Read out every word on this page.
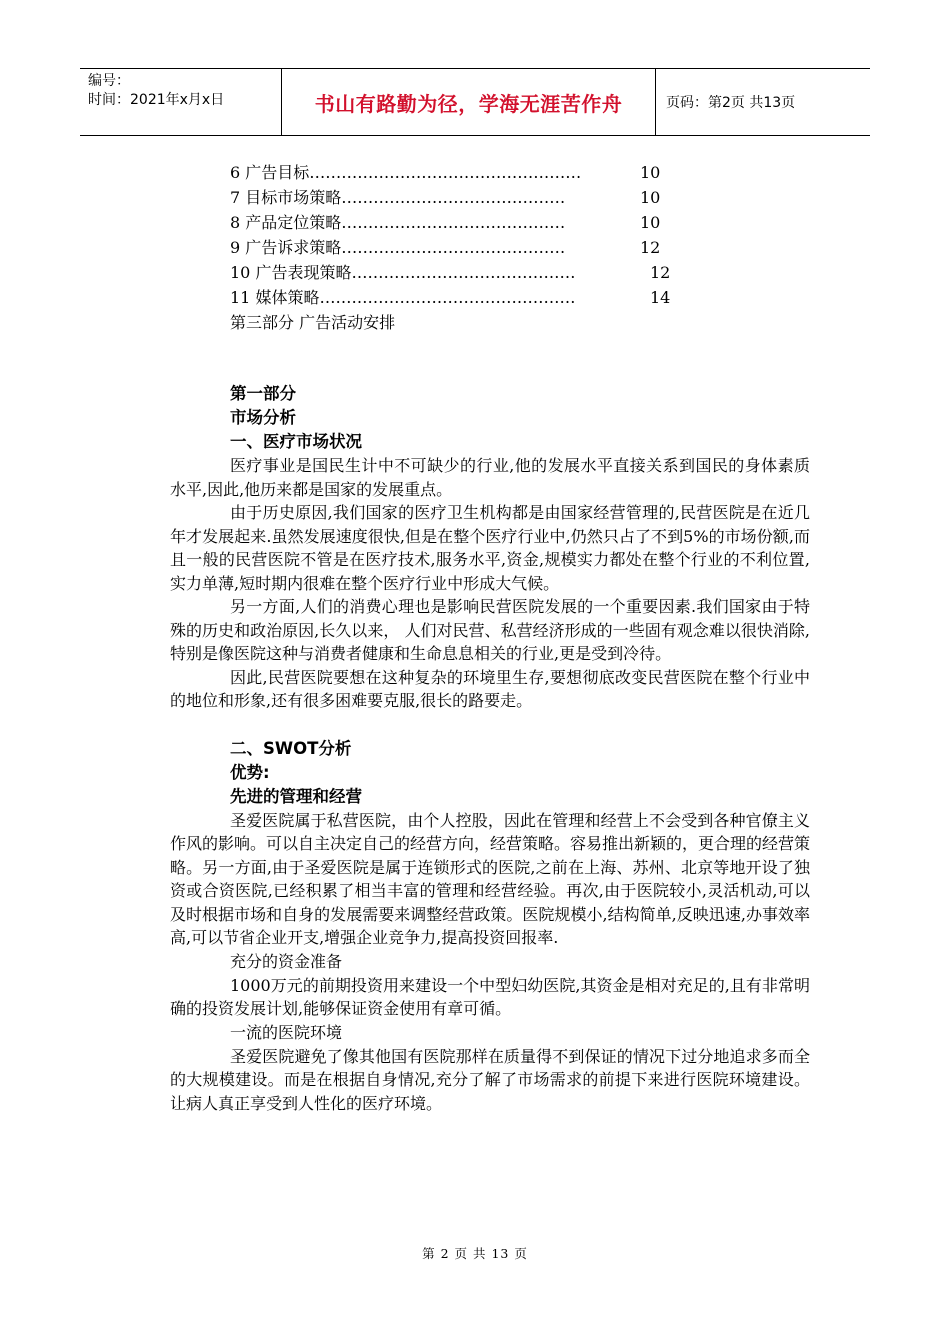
编号：
时间：2021年x月x日	书山有路勤为径，学海无涯苦作舟	页码：第2页 共13页
6 广告目标……………………………………………	10
7 目标市场策略……………………………………	10
8 产品定位策略……………………………………	10
9 广告诉求策略……………………………………	12
10 广告表现策略……………………………………	12
11 媒体策略…………………………………………	14
第三部分 广告活动安排
第一部分
市场分析
一、医疗市场状况

医疗事业是国民生计中不可缺少的行业,他的发展水平直接关系到国民的身体素质水平,因此,他历来都是国家的发展重点。

由于历史原因,我们国家的医疗卫生机构都是由国家经营管理的,民营医院是在近几年才发展起来.虽然发展速度很快,但是在整个医疗行业中,仍然只占了不到5%的市场份额,而且一般的民营医院不管是在医疗技术,服务水平,资金,规模实力都处在整个行业的不利位置,实力单薄,短时期内很难在整个医疗行业中形成大气候。

另一方面,人们的消费心理也是影响民营医院发展的一个重要因素.我们国家由于特殊的历史和政治原因,长久以来， 人们对民营、私营经济形成的一些固有观念难以很快消除,特别是像医院这种与消费者健康和生命息息相关的行业,更是受到冷待。

因此,民营医院要想在这种复杂的环境里生存,要想彻底改变民营医院在整个行业中的地位和形象,还有很多困难要克服,很长的路要走。

二、SWOT分析
优势:
先进的管理和经营

圣爱医院属于私营医院，由个人控股，因此在管理和经营上不会受到各种官僚主义作风的影响。可以自主决定自己的经营方向，经营策略。容易推出新颖的，更合理的经营策略。另一方面,由于圣爱医院是属于连锁形式的医院,之前在上海、苏州、北京等地开设了独资或合资医院,已经积累了相当丰富的管理和经营经验。再次,由于医院较小,灵活机动,可以及时根据市场和自身的发展需要来调整经营政策。医院规模小,结构简单,反映迅速,办事效率高,可以节省企业开支,增强企业竞争力,提高投资回报率.

充分的资金准备

1000万元的前期投资用来建设一个中型妇幼医院,其资金是相对充足的,且有非常明确的投资发展计划,能够保证资金使用有章可循。

一流的医院环境

圣爱医院避免了像其他国有医院那样在质量得不到保证的情况下过分地追求多而全的大规模建设。而是在根据自身情况,充分了解了市场需求的前提下来进行医院环境建设。让病人真正享受到人性化的医疗环境。

第 2 页 共 13 页
